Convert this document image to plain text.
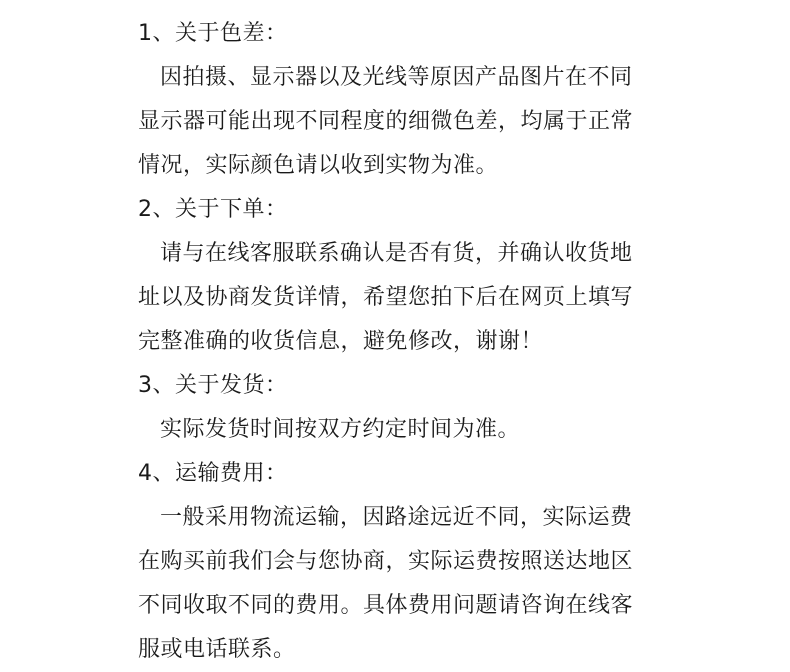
1、关于色差：

因拍摄、显示器以及光线等原因产品图片在不同

显示器可能出现不同程度的细微色差，均属于正常

情况，实际颜色请以收到实物为准。

2、关于下单：

请与在线客服联系确认是否有货，并确认收货地

址以及协商发货详情，希望您拍下后在网页上填写

完整准确的收货信息，避免修改，谢谢！

3、关于发货：

实际发货时间按双方约定时间为准。

4、运输费用：

一般采用物流运输，因路途远近不同，实际运费

在购买前我们会与您协商，实际运费按照送达地区

不同收取不同的费用。具体费用问题请咨询在线客

服或电话联系。
